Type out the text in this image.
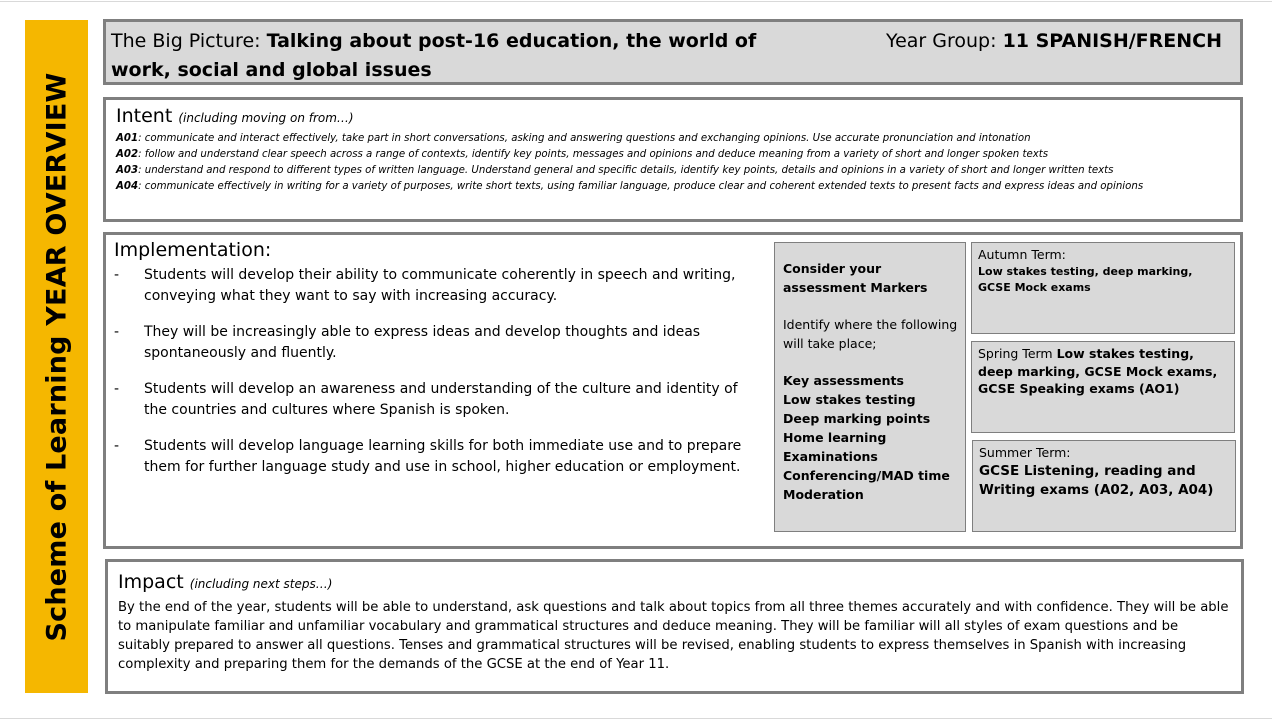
Scheme of Learning YEAR OVERVIEW
The Big Picture: Talking about post-16 education, the world of work, social and global issues
Year Group: 11 SPANISH/FRENCH
Intent (including moving on from…)
A01: communicate and interact effectively, take part in short conversations, asking and answering questions and exchanging opinions. Use accurate pronunciation and intonation
A02: follow and understand clear speech across a range of contexts, identify key points, messages and opinions and deduce meaning from a variety of short and longer spoken texts
A03: understand and respond to different types of written language. Understand general and specific details, identify key points, details and opinions in a variety of short and longer written texts
A04: communicate effectively in writing for a variety of purposes, write short texts, using familiar language, produce clear and coherent extended texts to present facts and express ideas and opinions
Implementation:
- Students will develop their ability to communicate coherently in speech and writing, conveying what they want to say with increasing accuracy.
- They will be increasingly able to express ideas and develop thoughts and ideas spontaneously and fluently.
- Students will develop an awareness and understanding of the culture and identity of the countries and cultures where Spanish is spoken.
- Students will develop language learning skills for both immediate use and to prepare them for further language study and use in school, higher education or employment.
Consider your assessment Markers
Identify where the following will take place;
Key assessments
Low stakes testing
Deep marking points
Home learning
Examinations
Conferencing/MAD time
Moderation
Autumn Term:
Low stakes testing, deep marking, GCSE Mock exams
Spring Term Low stakes testing, deep marking, GCSE Mock exams, GCSE Speaking exams (AO1)
Summer Term:
GCSE Listening, reading and Writing exams (A02, A03, A04)
Impact (including next steps…)
By the end of the year, students will be able to understand, ask questions and talk about topics from all three themes accurately and with confidence. They will be able to manipulate familiar and unfamiliar vocabulary and grammatical structures and deduce meaning. They will be familiar will all styles of exam questions and be suitably prepared to answer all questions. Tenses and grammatical structures will be revised, enabling students to express themselves in Spanish with increasing complexity and preparing them for the demands of the GCSE at the end of Year 11.
